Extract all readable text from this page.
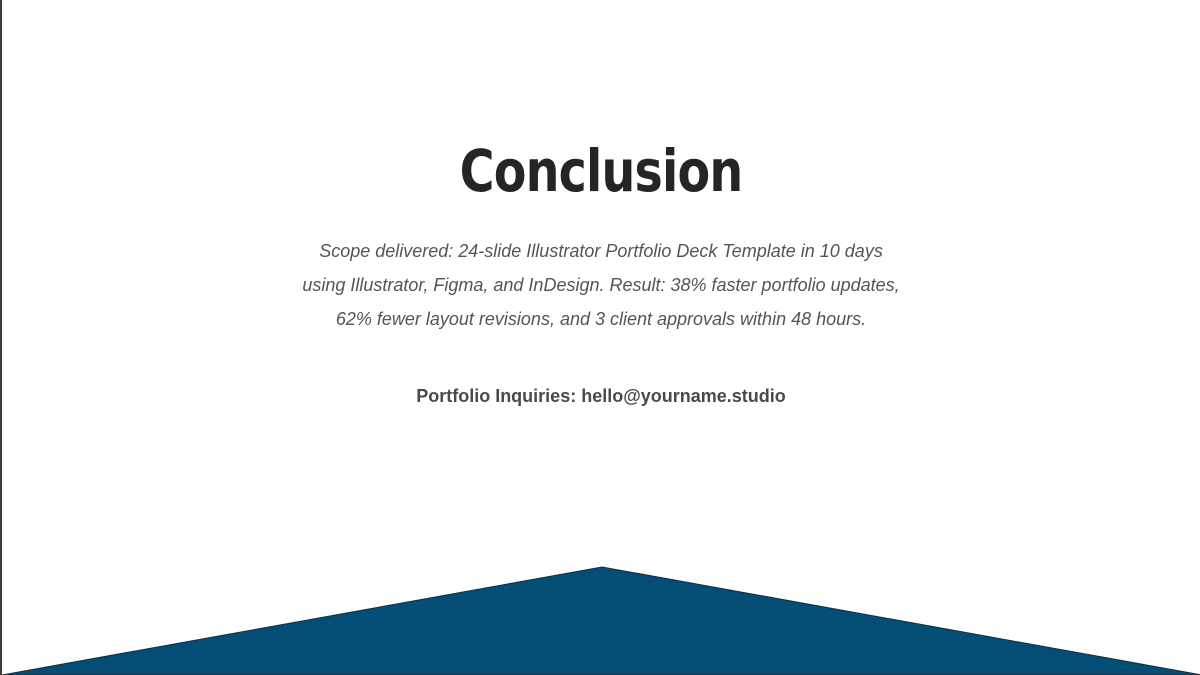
Conclusion
Scope delivered: 24-slide Illustrator Portfolio Deck Template in 10 days
using Illustrator, Figma, and InDesign. Result: 38% faster portfolio updates,
62% fewer layout revisions, and 3 client approvals within 48 hours.
Portfolio Inquiries: hello@yourname.studio
